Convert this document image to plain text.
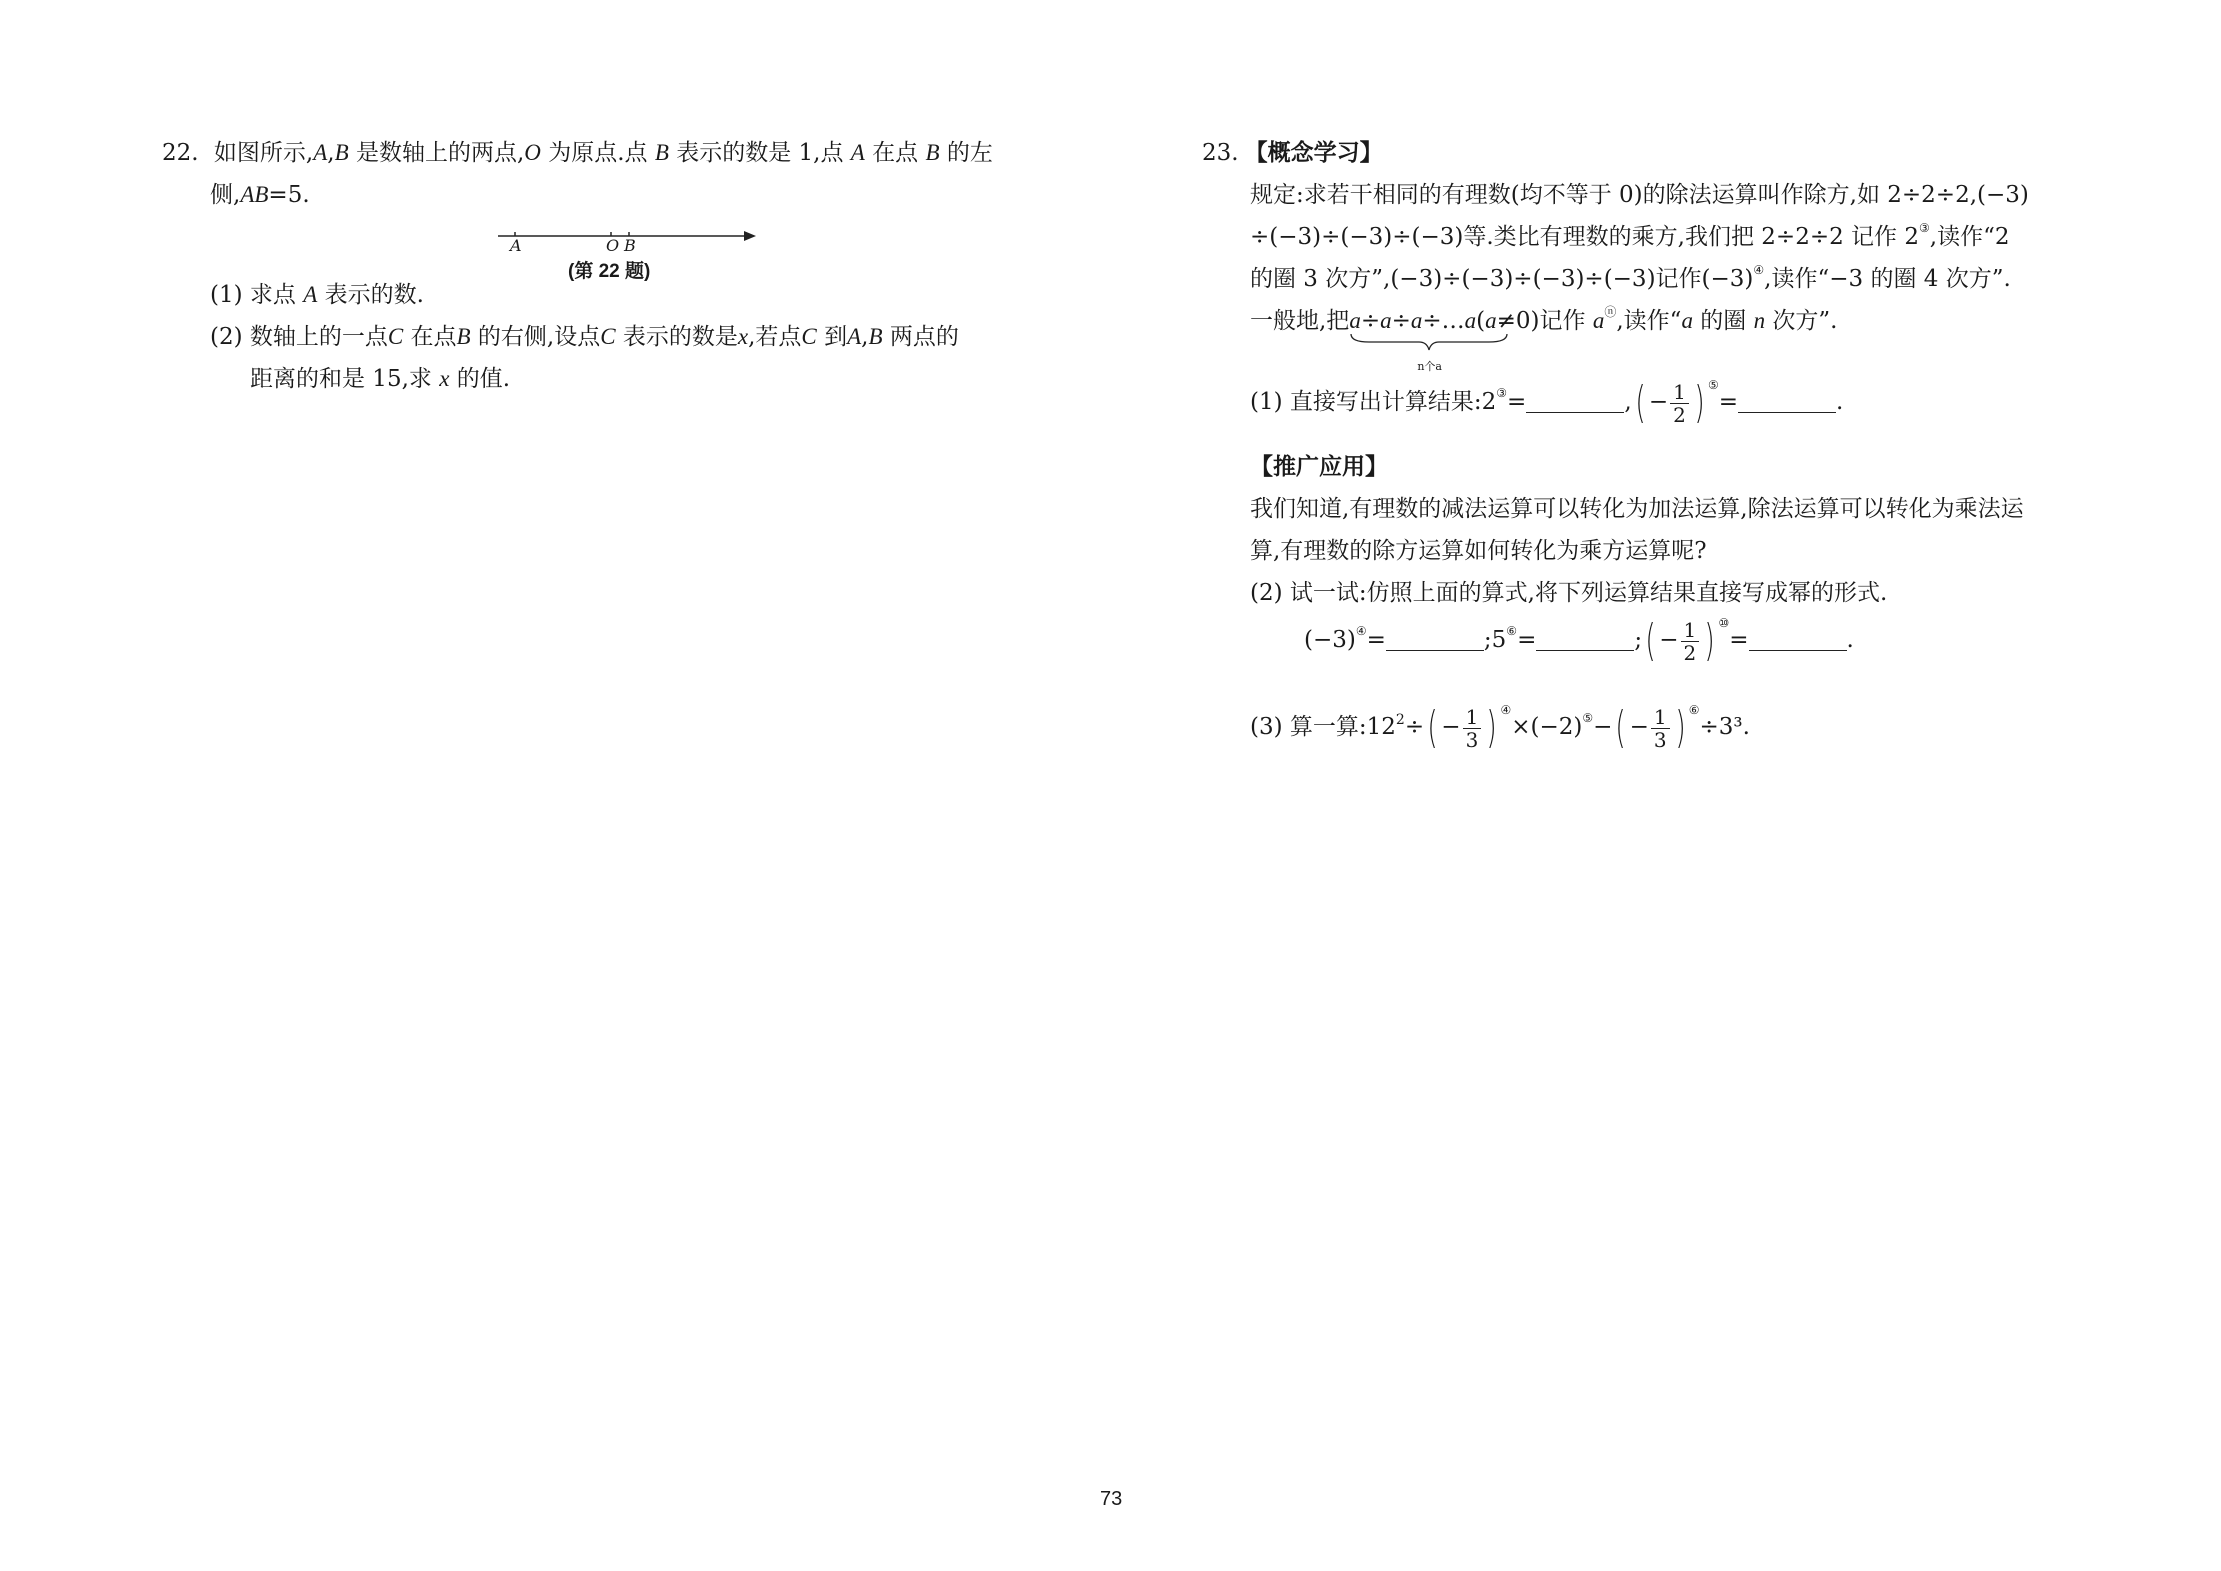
22. 如图所示,A,B 是数轴上的两点,O 为原点.点 B 表示的数是 1,点 A 在点 B 的左
侧,AB=5.
A	O B
(第 22 题)
(1) 求点 A 表示的数.
(2) 数轴上的一点C 在点B 的右侧,设点C 表示的数是x,若点C 到A,B 两点的
距离的和是 15,求 x 的值.
23. 【概念学习】
规定:求若干相同的有理数(均不等于 0)的除法运算叫作除方,如 2÷2÷2,(−3)
÷(−3)÷(−3)÷(−3)等.类比有理数的乘方,我们把 2÷2÷2 记作 2③,读作“2
的圈 3 次方”,(−3)÷(−3)÷(−3)÷(−3)记作(−3)④,读作“−3 的圈 4 次方”.
一般地,把a÷a÷a÷…a
n个a
(a≠0)记作 aⓝ,读作“a 的圈 n 次方”.
(1) 直接写出计算结果:2③=	,( − $\frac{1}{2}$ ) ⑤=	.
【推广应用】
我们知道,有理数的减法运算可以转化为加法运算,除法运算可以转化为乘法运
算,有理数的除方运算如何转化为乘方运算呢?
(2) 试一试:仿照上面的算式,将下列运算结果直接写成幂的形式.
(−3)④=	;5⑥=	;( − $\frac{1}{2}$ ) ⑩=	.
(3) 算一算$:12^2\div( - \frac{1}{3}$ ) ④×(−2)⑤−( − $\frac{1}{3}$ ) ⑥÷3³.
73
